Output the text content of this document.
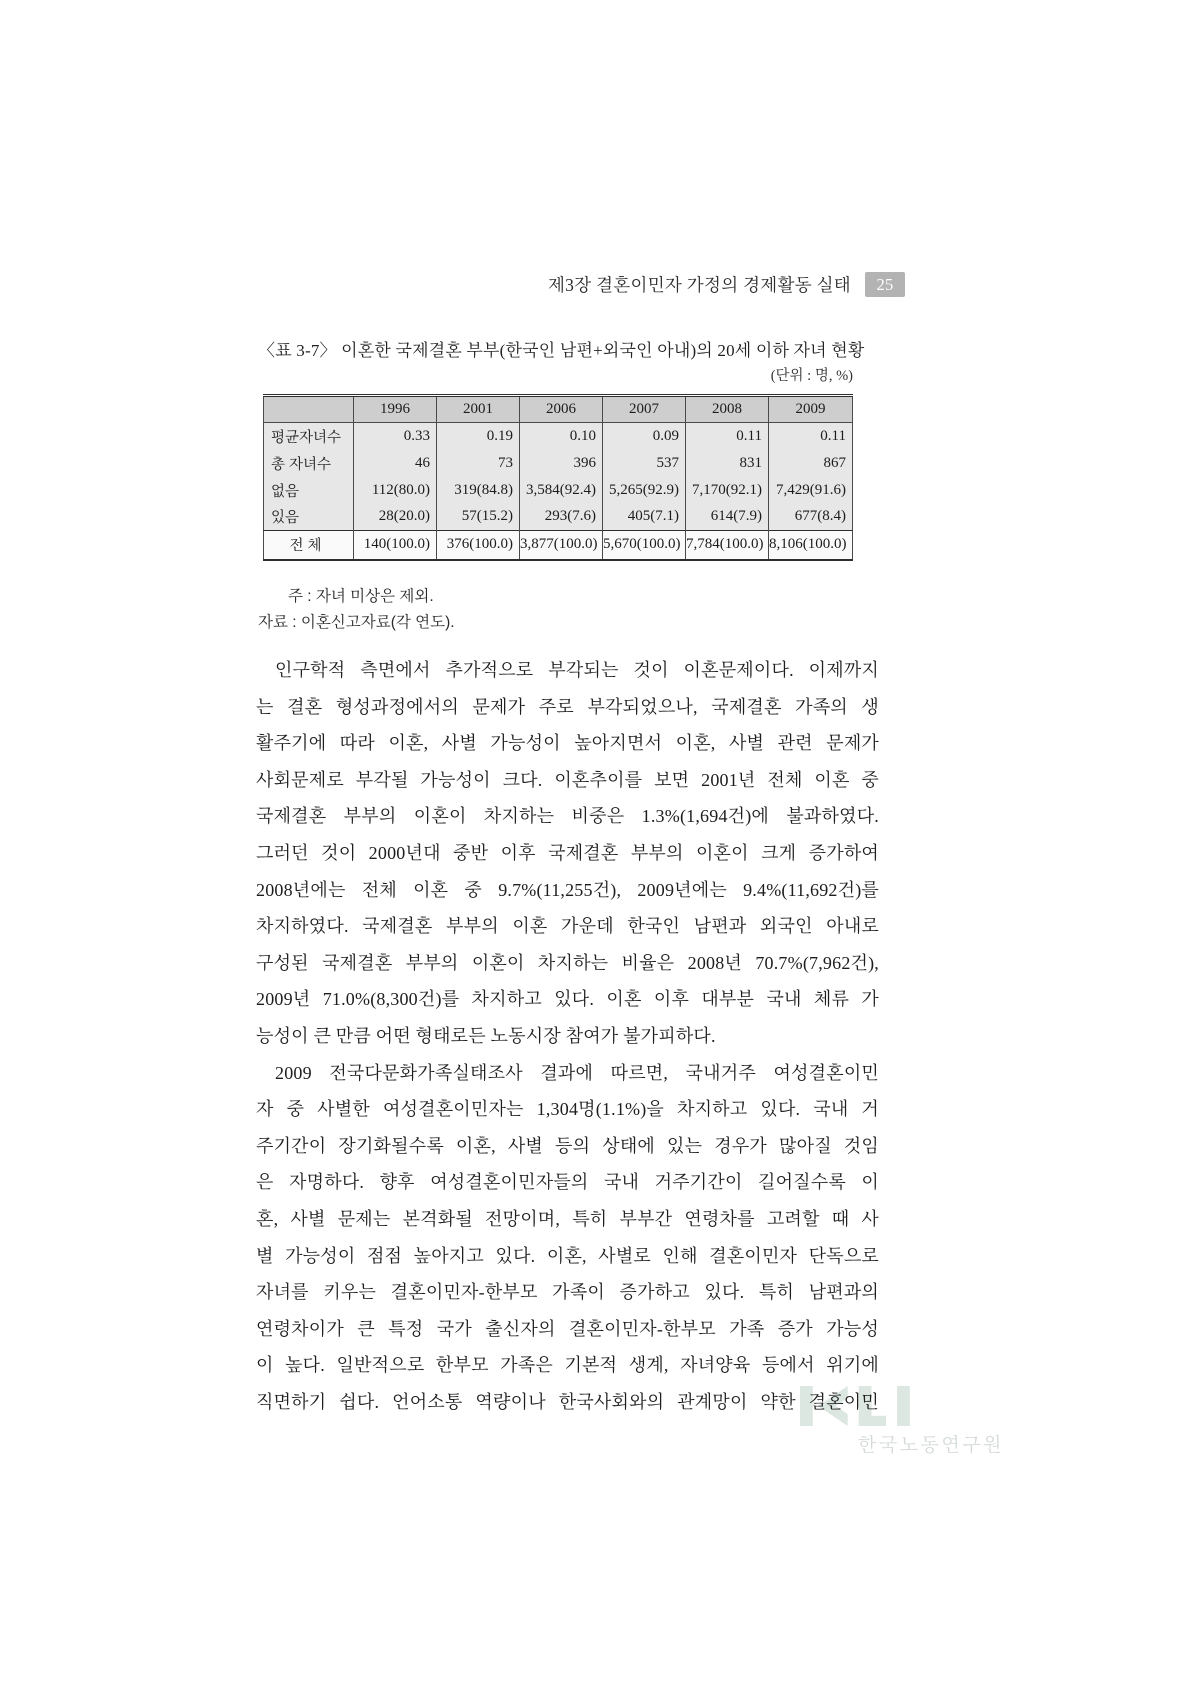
한국노동연구원
제3장 결혼이민자 가정의 경제활동 실태 25
〈표 3-7〉 이혼한 국제결혼 부부(한국인 남편+외국인 아내)의 20세 이하 자녀 현황
(단위 : 명, %)
	1996	2001	2006	2007	2008	2009
평균자녀수	0.33	0.19	0.10	0.09	0.11	0.11
총 자녀수	46	73	396	537	831	867
없음	112(80.0)	319(84.8)	3,584(92.4)	5,265(92.9)	7,170(92.1)	7,429(91.6)
있음	28(20.0)	57(15.2)	293(7.6)	405(7.1)	614(7.9)	677(8.4)
전 체	140(100.0)	376(100.0)	3,877(100.0)	5,670(100.0)	7,784(100.0)	8,106(100.0)
주 : 자녀 미상은 제외.
자료 : 이혼신고자료(각 연도).
인구학적 측면에서 추가적으로 부각되는 것이 이혼문제이다. 이제까지
는 결혼 형성과정에서의 문제가 주로 부각되었으나, 국제결혼 가족의 생
활주기에 따라 이혼, 사별 가능성이 높아지면서 이혼, 사별 관련 문제가
사회문제로 부각될 가능성이 크다. 이혼추이를 보면 2001년 전체 이혼 중
국제결혼 부부의 이혼이 차지하는 비중은 1.3%(1,694건)에 불과하였다.
그러던 것이 2000년대 중반 이후 국제결혼 부부의 이혼이 크게 증가하여
2008년에는 전체 이혼 중 9.7%(11,255건), 2009년에는 9.4%(11,692건)를
차지하였다. 국제결혼 부부의 이혼 가운데 한국인 남편과 외국인 아내로
구성된 국제결혼 부부의 이혼이 차지하는 비율은 2008년 70.7%(7,962건),
2009년 71.0%(8,300건)를 차지하고 있다. 이혼 이후 대부분 국내 체류 가
능성이 큰 만큼 어떤 형태로든 노동시장 참여가 불가피하다.
2009 전국다문화가족실태조사 결과에 따르면, 국내거주 여성결혼이민
자 중 사별한 여성결혼이민자는 1,304명(1.1%)을 차지하고 있다. 국내 거
주기간이 장기화될수록 이혼, 사별 등의 상태에 있는 경우가 많아질 것임
은 자명하다. 향후 여성결혼이민자들의 국내 거주기간이 길어질수록 이
혼, 사별 문제는 본격화될 전망이며, 특히 부부간 연령차를 고려할 때 사
별 가능성이 점점 높아지고 있다. 이혼, 사별로 인해 결혼이민자 단독으로
자녀를 키우는 결혼이민자-한부모 가족이 증가하고 있다. 특히 남편과의
연령차이가 큰 특정 국가 출신자의 결혼이민자-한부모 가족 증가 가능성
이 높다. 일반적으로 한부모 가족은 기본적 생계, 자녀양육 등에서 위기에
직면하기 쉽다. 언어소통 역량이나 한국사회와의 관계망이 약한 결혼이민
